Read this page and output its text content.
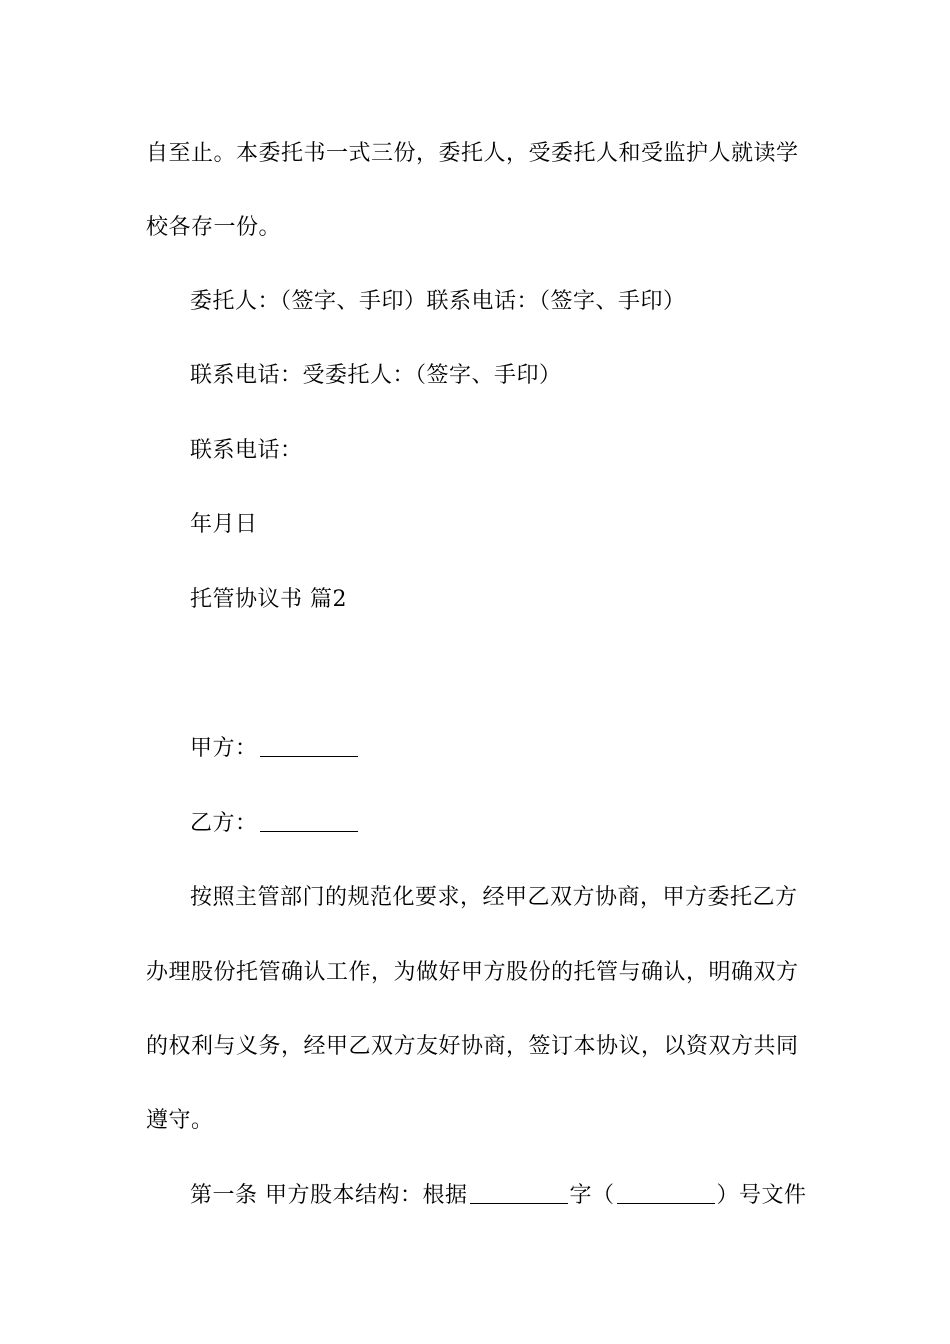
自至止。本委托书一式三份，委托人，受委托人和受监护人就读学
校各存一份。
委托人：（签字、手印）联系电话：（签字、手印）
联系电话：受委托人：（签字、手印）
联系电话：
年月日
托管协议书 篇2
甲方：
乙方：
按照主管部门的规范化要求，经甲乙双方协商，甲方委托乙方
办理股份托管确认工作，为做好甲方股份的托管与确认，明确双方
的权利与义务，经甲乙双方友好协商，签订本协议，以资双方共同
遵守。
第一条 甲方股本结构：根据	字（	）号文件
